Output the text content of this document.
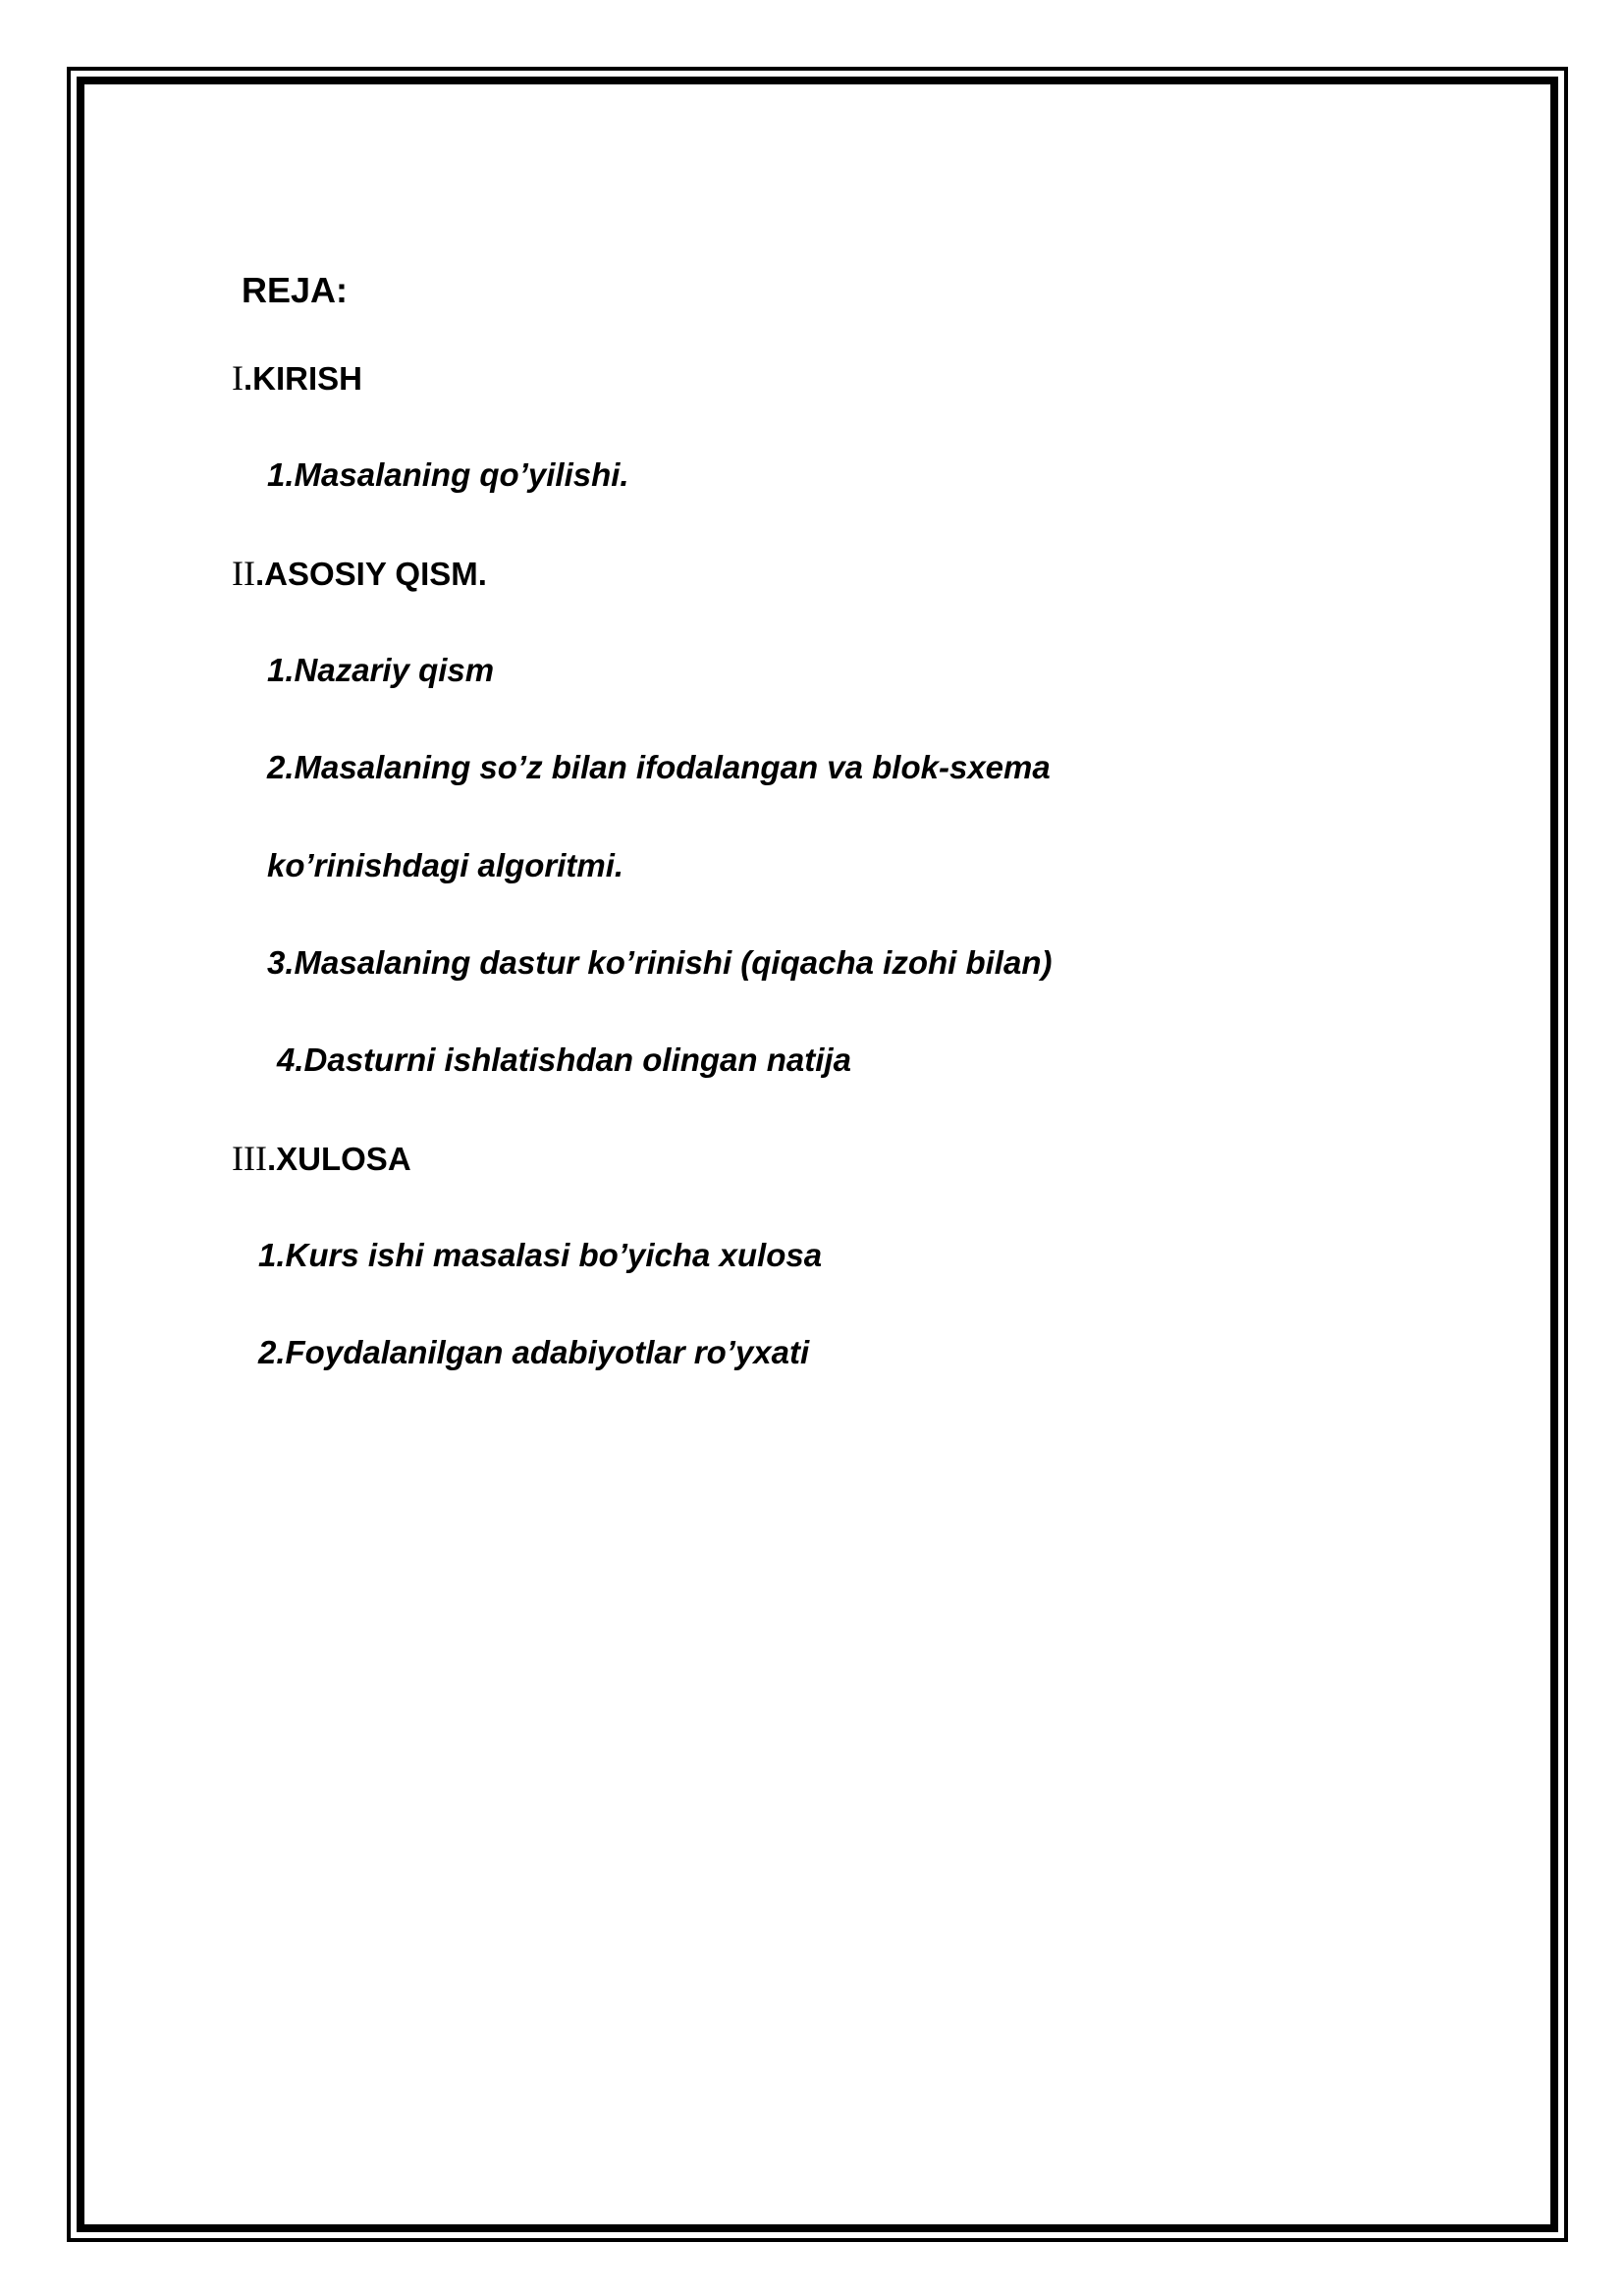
REJA:
I.KIRISH
1.Masalaning qo’yilishi.
II.ASOSIY QISM.
1.Nazariy qism
2.Masalaning so’z bilan ifodalangan va blok-sxema
ko’rinishdagi algoritmi.
3.Masalaning dastur ko’rinishi (qiqacha izohi bilan)
4.Dasturni ishlatishdan olingan natija
III.XULOSA
1.Kurs ishi masalasi bo’yicha xulosa
2.Foydalanilgan adabiyotlar ro’yxati
